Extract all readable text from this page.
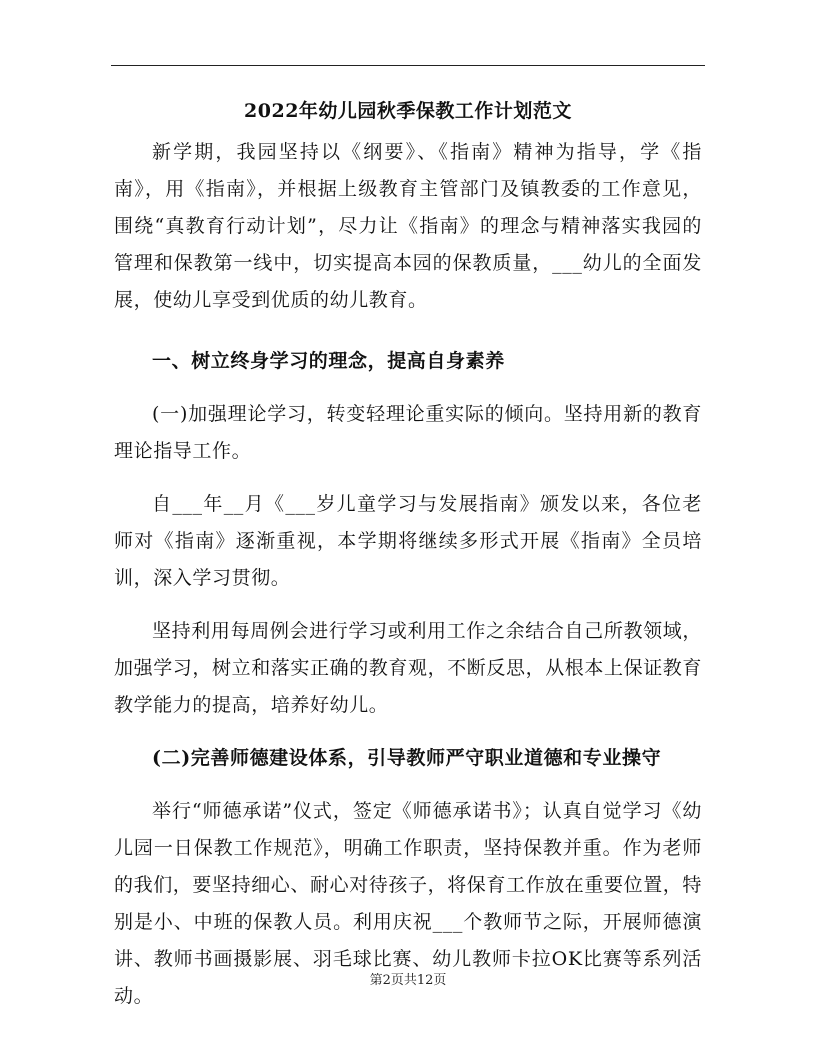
2022年幼儿园秋季保教工作计划范文
新学期，我园坚持以《纲要》、《指南》精神为指导，学《指南》，用《指南》，并根据上级教育主管部门及镇教委的工作意见，围绕“真教育行动计划”，尽力让《指南》的理念与精神落实我园的管理和保教第一线中，切实提高本园的保教质量，___幼儿的全面发展，使幼儿享受到优质的幼儿教育。
一、树立终身学习的理念，提高自身素养
(一)加强理论学习，转变轻理论重实际的倾向。坚持用新的教育理论指导工作。
自___年__月《___岁儿童学习与发展指南》颁发以来，各位老师对《指南》逐渐重视，本学期将继续多形式开展《指南》全员培训，深入学习贯彻。
坚持利用每周例会进行学习或利用工作之余结合自己所教领域，加强学习，树立和落实正确的教育观，不断反思，从根本上保证教育教学能力的提高，培养好幼儿。
(二)完善师德建设体系，引导教师严守职业道德和专业操守
举行“师德承诺”仪式，签定《师德承诺书》；认真自觉学习《幼儿园一日保教工作规范》，明确工作职责，坚持保教并重。作为老师的我们，要坚持细心、耐心对待孩子，将保育工作放在重要位置，特别是小、中班的保教人员。利用庆祝___个教师节之际，开展师德演讲、教师书画摄影展、羽毛球比赛、幼儿教师卡拉OK比赛等系列活动。
第2页共12页
